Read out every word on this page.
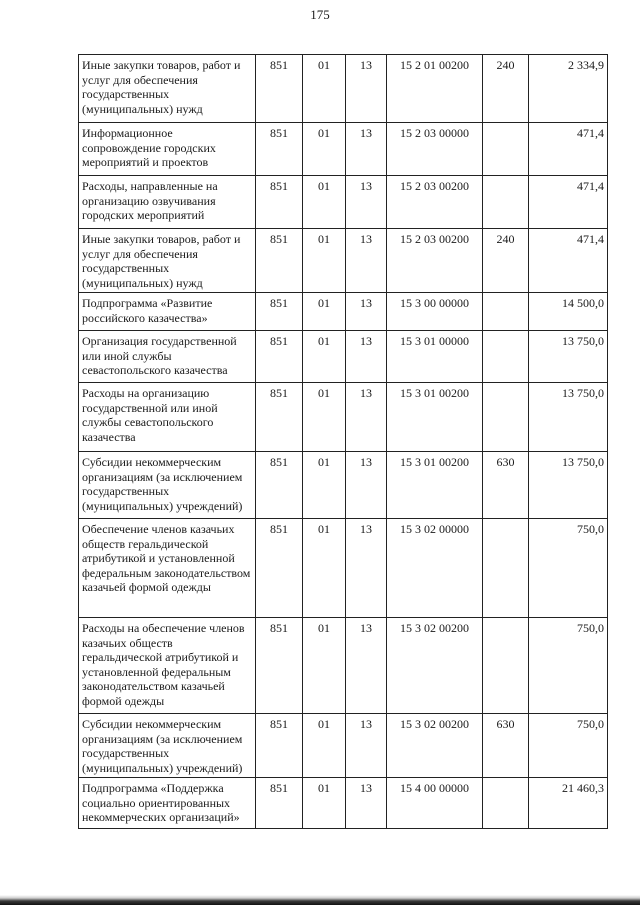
175
Иные закупки товаров, работ и услуг для обеспечения государственных (муниципальных) нужд	851	01	13	15 2 01 00200	240	2 334,9
Информационное сопровождение городских мероприятий и проектов	851	01	13	15 2 03 00000		471,4
Расходы, направленные на организацию озвучивания городских мероприятий	851	01	13	15 2 03 00200		471,4
Иные закупки товаров, работ и услуг для обеспечения государственных (муниципальных) нужд	851	01	13	15 2 03 00200	240	471,4
Подпрограмма «Развитие российского казачества»	851	01	13	15 3 00 00000		14 500,0
Организация государственной или иной службы севастопольского казачества	851	01	13	15 3 01 00000		13 750,0
Расходы на организацию государственной или иной службы севастопольского казачества	851	01	13	15 3 01 00200		13 750,0
Субсидии некоммерческим организациям (за исключением государственных (муниципальных) учреждений)	851	01	13	15 3 01 00200	630	13 750,0
Обеспечение членов казачьих обществ геральдической атрибутикой и установленной федеральным законодательством казачьей формой одежды	851	01	13	15 3 02 00000		750,0
Расходы на обеспечение членов казачьих обществ геральдической атрибутикой и установленной федеральным законодательством казачьей формой одежды	851	01	13	15 3 02 00200		750,0
Субсидии некоммерческим организациям (за исключением государственных (муниципальных) учреждений)	851	01	13	15 3 02 00200	630	750,0
Подпрограмма «Поддержка социально ориентированных некоммерческих организаций»	851	01	13	15 4 00 00000		21 460,3
